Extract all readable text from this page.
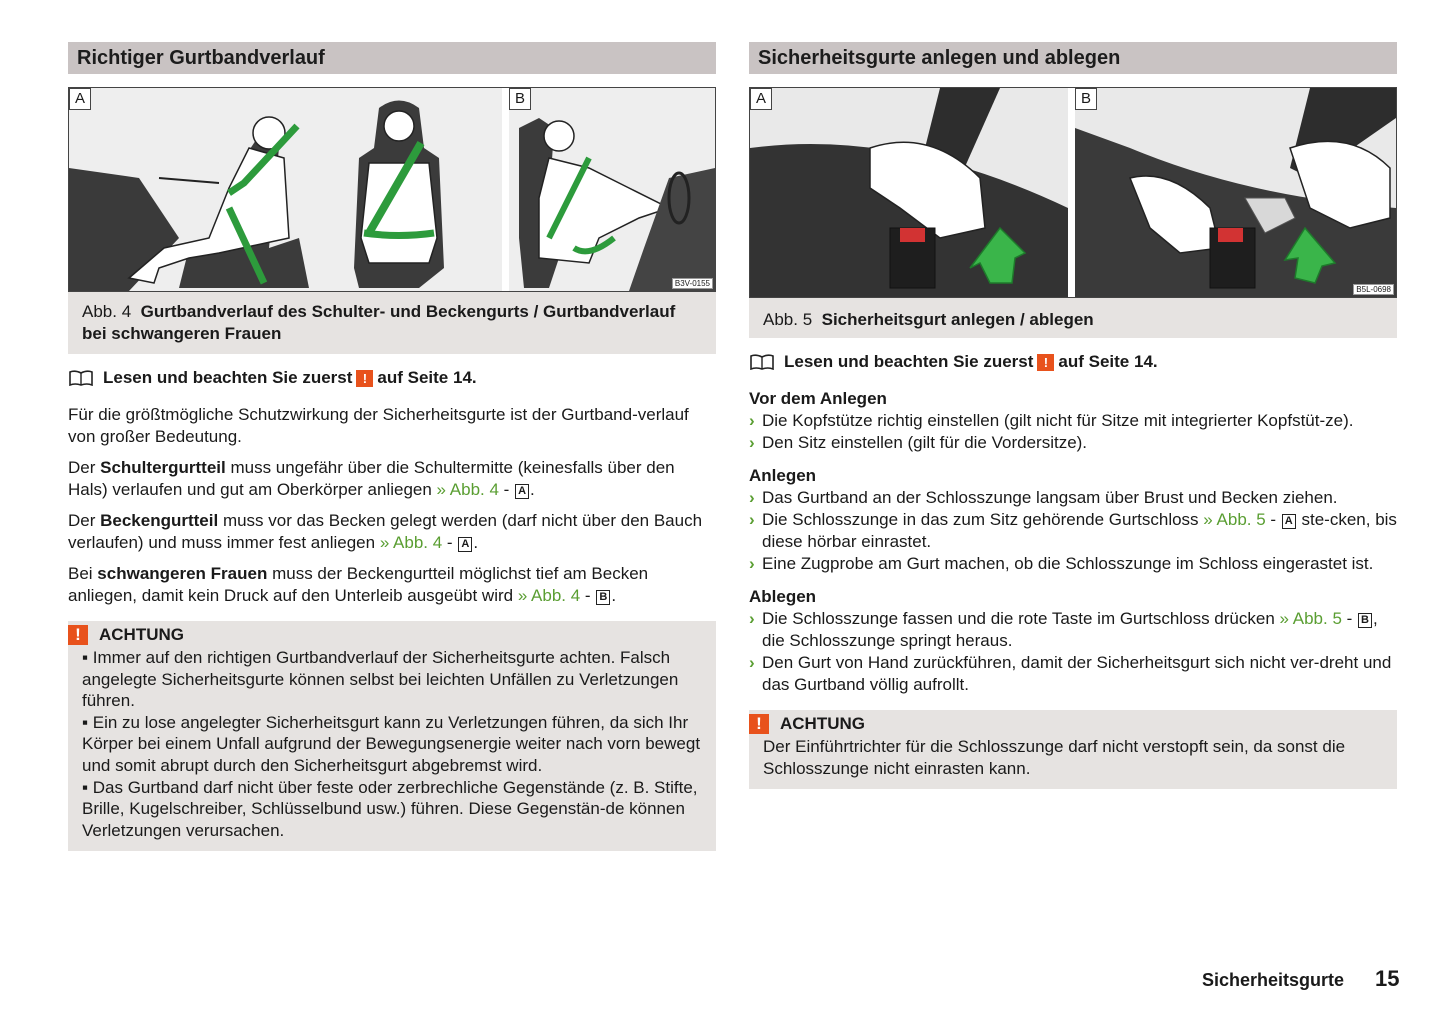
Richtiger Gurtbandverlauf
A	B
B3V-0155
Abb. 4 Gurtbandverlauf des Schulter- und Beckengurts / Gurtbandverlauf bei schwangeren Frauen
Lesen und beachten Sie zuerst ! auf Seite 14.

Für die größtmögliche Schutzwirkung der Sicherheitsgurte ist der Gurtband-verlauf von großer Bedeutung.

Der Schultergurtteil muss ungefähr über die Schultermitte (keinesfalls über den Hals) verlaufen und gut am Oberkörper anliegen » Abb. 4 - A .

Der Beckengurtteil muss vor das Becken gelegt werden (darf nicht über den Bauch verlaufen) und muss immer fest anliegen » Abb. 4 - A .

Bei schwangeren Frauen muss der Beckengurtteil möglichst tief am Becken anliegen, damit kein Druck auf den Unterleib ausgeübt wird » Abb. 4 - B .

!	ACHTUNG

▪ Immer auf den richtigen Gurtbandverlauf der Sicherheitsgurte achten. Falsch angelegte Sicherheitsgurte können selbst bei leichten Unfällen zu Verletzungen führen.

▪ Ein zu lose angelegter Sicherheitsgurt kann zu Verletzungen führen, da sich Ihr Körper bei einem Unfall aufgrund der Bewegungsenergie weiter nach vorn bewegt und somit abrupt durch den Sicherheitsgurt abgebremst wird.

▪ Das Gurtband darf nicht über feste oder zerbrechliche Gegenstände (z. B. Stifte, Brille, Kugelschreiber, Schlüsselbund usw.) führen. Diese Gegenstän-de können Verletzungen verursachen.

Sicherheitsgurte anlegen und ablegen
A	B
B5L-0698
Abb. 5 Sicherheitsgurt anlegen / ablegen
Lesen und beachten Sie zuerst ! auf Seite 14.
Vor dem Anlegen
› Die Kopfstütze richtig einstellen (gilt nicht für Sitze mit integrierter Kopfstüt-ze).
› Den Sitz einstellen (gilt für die Vordersitze).
Anlegen
› Das Gurtband an der Schlosszunge langsam über Brust und Becken ziehen.
› Die Schlosszunge in das zum Sitz gehörende Gurtschloss » Abb. 5 - A ste-cken, bis diese hörbar einrastet.
› Eine Zugprobe am Gurt machen, ob die Schlosszunge im Schloss eingerastet ist.
Ablegen
› Die Schlosszunge fassen und die rote Taste im Gurtschloss drücken » Abb. 5 - B , die Schlosszunge springt heraus.
› Den Gurt von Hand zurückführen, damit der Sicherheitsgurt sich nicht ver-dreht und das Gurtband völlig aufrollt.
!	ACHTUNG

Der Einführtrichter für die Schlosszunge darf nicht verstopft sein, da sonst die Schlosszunge nicht einrasten kann.

Sicherheitsgurte 15
